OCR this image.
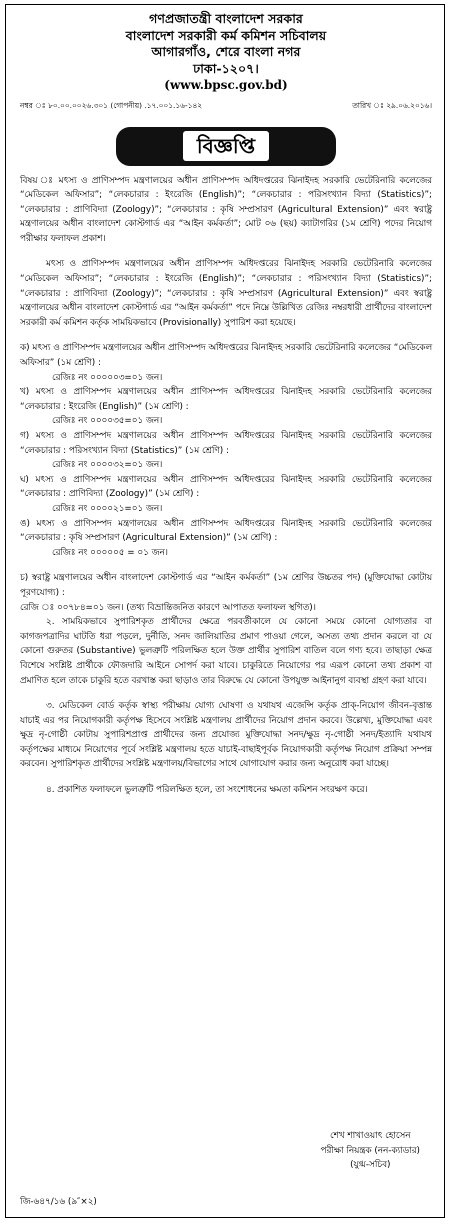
গণপ্রজাতন্ত্রী বাংলাদেশ সরকার
বাংলাদেশ সরকারী কর্ম কমিশন সচিবালয়
আগারগাঁও, শেরে বাংলা নগর
ঢাকা-১২০৭।
(www.bpsc.gov.bd)
নম্বর ঃ ৮০.০০.০০২৬.৩০১ (গোপনীয়) .১৭.০০১.১৬-১৪২	তারিখ ঃ ২৯.০৬.২০১৬।
বিজ্ঞপ্তি

বিষয় ঃ মৎস্য ও প্রাণিসম্পদ মন্ত্রণালয়ের অধীন প্রাণিসম্পদ অধিদপ্তরের ঝিনাইদহ সরকারি ভেটেরিনারি কলেজের “মেডিকেল অফিসার”; “লেকচারার : ইংরেজি (English)”; “লেকচারার : পরিসংখ্যান বিদ্যা (Statistics)”; “লেকচারার : প্রাণিবিদ্যা (Zoology)”; “লেকচারার : কৃষি সম্প্রসারণ (Agricultural Extension)” এবং স্বরাষ্ট্র মন্ত্রণালয়ের অধীন বাংলাদেশ কোস্টগার্ড এর “আইন কর্মকর্তা”; মোট ০৬ (ছয়) ক্যাটাগরির (১ম শ্রেণি) পদের নিয়োগ পরীক্ষার ফলাফল প্রকাশ।

মৎস্য ও প্রাণিসম্পদ মন্ত্রণালয়ের অধীন প্রাণিসম্পদ অধিদপ্তরের ঝিনাইদহ সরকারি ভেটেরিনারি কলেজের “মেডিকেল অফিসার”; “লেকচারার : ইংরেজি (English)”; “লেকচারার : পরিসংখ্যান বিদ্যা (Statistics)”; “লেকচারার : প্রাণিবিদ্যা (Zoology)”; “লেকচারার : কৃষি সম্প্রসারণ (Agricultural Extension)” এবং স্বরাষ্ট্র মন্ত্রণালয়ের অধীন বাংলাদেশ কোস্টগার্ড এর “আইন কর্মকর্তা” পদে নিম্নে উল্লিখিত রেজিঃ নম্বরধারী প্রার্থীদের বাংলাদেশ সরকারী কর্ম কমিশন কর্তৃক সাময়িকভাবে (Provisionally) সুপারিশ করা হয়েছে।

ক) মৎস্য ও প্রাণিসম্পদ মন্ত্রণালয়ের অধীন প্রাণিসম্পদ অধিদপ্তরের ঝিনাইদহ সরকারি ভেটেরিনারি কলেজের “মেডিকেল অফিসার” (১ম শ্রেণি) :

রেজিঃ নং ০০০০০৩=০১ জন।

খ) মৎস্য ও প্রাণিসম্পদ মন্ত্রণালয়ের অধীন প্রাণিসম্পদ অধিদপ্তরের ঝিনাইদহ সরকারি ভেটেরিনারি কলেজের “লেকচারার : ইংরেজি (English)” (১ম শ্রেণি) :

রেজিঃ নং ০০০০৩৫=০১ জন।

গ) মৎস্য ও প্রাণিসম্পদ মন্ত্রণালয়ের অধীন প্রাণিসম্পদ অধিদপ্তরের ঝিনাইদহ সরকারি ভেটেরিনারি কলেজের “লেকচারার : পরিসংখ্যান বিদ্যা (Statistics)” (১ম শ্রেণি) :

রেজিঃ নং ০০০০৩২=০১ জন।

ঘ) মৎস্য ও প্রাণিসম্পদ মন্ত্রণালয়ের অধীন প্রাণিসম্পদ অধিদপ্তরের ঝিনাইদহ সরকারি ভেটেরিনারি কলেজের “লেকচারার : প্রাণিবিদ্যা (Zoology)” (১ম শ্রেণি) :

রেজিঃ নং ০০০০২১=০১ জন।

ঙ) মৎস্য ও প্রাণিসম্পদ মন্ত্রণালয়ের অধীন প্রাণিসম্পদ অধিদপ্তরের ঝিনাইদহ সরকারি ভেটেরিনারি কলেজের “লেকচারার : কৃষি সম্প্রসারণ (Agricultural Extension)” (১ম শ্রেণি) :

রেজিঃ নং ০০০০০৫ = ০১ জন।

চ) স্বরাষ্ট্র মন্ত্রণালয়ের অধীন বাংলাদেশ কোস্টগার্ড এর “আইন কর্মকর্তা” (১ম শ্রেণির উচ্চতর পদ) (মুক্তিযোদ্ধা কোটায় পূরণযোগ্য) :

রেজি ঃ ০০৭৮৪=০১ জন। (তথ্য বিভ্রান্তিজনিত কারণে আপাতত ফলাফল স্থগিত)।

২. সাময়িকভাবে সুপারিশকৃত প্রার্থীদের ক্ষেত্রে পরবর্তীকালে যে কোনো সময়ে কোনো যোগ্যতার বা কাগজপত্রাদির ঘাটতি ধরা পড়লে, দুর্নীতি, সনদ জালিয়াতির প্রমাণ পাওয়া গেলে, অসত্য তথ্য প্রদান করলে বা যে কোনো গুরুতর (Substantive) ভুলত্রুটি পরিলক্ষিত হলে উক্ত প্রার্থীর সুপারিশ বাতিল বলে গণ্য হবে। তাছাড়া ক্ষেত্র বিশেষে সংশ্লিষ্ট প্রার্থীকে ফৌজদারি আইনে সোপর্দ করা যাবে। চাকুরিতে নিয়োগের পর এরূপ কোনো তথ্য প্রকাশ বা প্রমাণিত হলে তাকে চাকুরি হতে বরখাস্ত করা ছাড়াও তার বিরুদ্ধে যে কোনো উপযুক্ত আইনানুগ ব্যবস্থা গ্রহণ করা যাবে।

৩. মেডিকেল বোর্ড কর্তৃক স্বাস্থ্য পরীক্ষায় যোগ্য ঘোষণা ও যথাযথ এজেন্সি কর্তৃক প্রাক্-নিয়োগ জীবন-বৃত্তান্ত যাচাই এর পর নিয়োগকারী কর্তৃপক্ষ হিসেবে সংশ্লিষ্ট মন্ত্রণালয় প্রার্থীদের নিয়োগ প্রদান করবে। উল্লেখ্য, মুক্তিযোদ্ধা এবং ক্ষুদ্র নৃ-গোষ্ঠী কোটায় সুপারিশপ্রাপ্ত প্রার্থীদের জন্য প্রযোজ্য মুক্তিযোদ্ধা সনদ/ক্ষুদ্র নৃ-গোষ্ঠী সনদ/ইত্যাদি যথাযথ কর্তৃপক্ষের মাধ্যমে নিয়োগের পূর্বে সংশ্লিষ্ট মন্ত্রণালয় হতে যাচাই-বাছাইপূর্বক নিয়োগকারী কর্তৃপক্ষ নিয়োগ প্রক্রিয়া সম্পন্ন করবেন। সুপারিশকৃত প্রার্থীদের সংশ্লিষ্ট মন্ত্রণালয়/বিভাগের সাথে যোগাযোগ করার জন্য অনুরোধ করা যাচ্ছে।

৪. প্রকাশিত ফলাফলে ভুলত্রুটি পরিলক্ষিত হলে, তা সংশোধনের ক্ষমতা কমিশন সংরক্ষণ করে।

শেখ শাখাওয়াৎ হোসেন
পরীক্ষা নিয়ন্ত্রক (নন-ক্যাডার)
(যুগ্ম-সচিব)
জি-৬৪৭/১৬ (৯″×২)
